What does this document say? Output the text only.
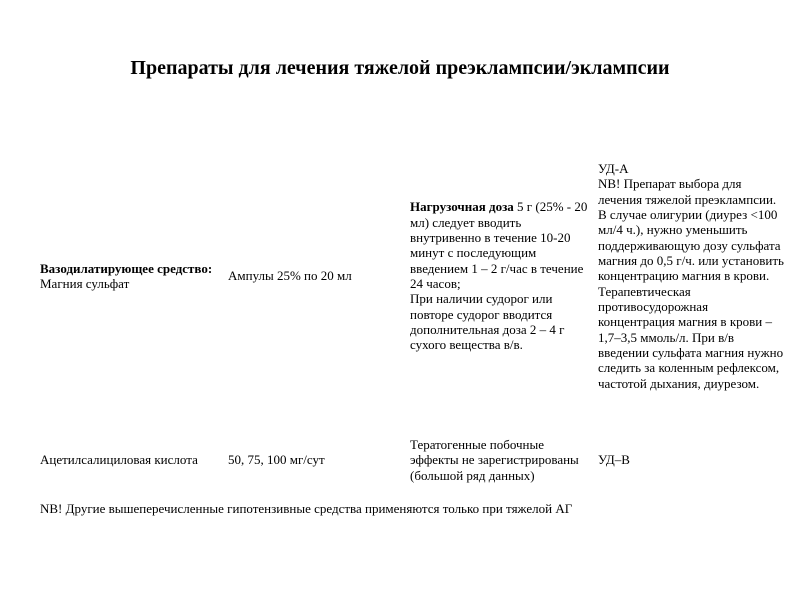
Препараты для лечения тяжелой преэклампсии/эклампсии

Вазодилатирующее средство:

Магния сульфат

Ампулы 25% по 20 мл

Нагрузочная доза 5 г (25% - 20 мл) следует вводить внутривенно в течение 10-20 минут с последующим введением 1 – 2 г/час в течение 24 часов;

При наличии судорог или повторе судорог вводится дополнительная доза 2 – 4 г сухого вещества в/в.

УД-А

NB! Препарат выбора для лечения тяжелой преэклампсии.

В случае олигурии (диурез <100 мл/4 ч.), нужно уменьшить поддерживающую дозу сульфата магния до 0,5 г/ч. или установить концентрацию магния в крови. Терапевтическая противосудорожная концентрация магния в крови – 1,7–3,5 ммоль/л. При в/в введении сульфата магния нужно следить за коленным рефлексом, частотой дыхания, диурезом.

Ацетилсалициловая кислота	50, 75, 100 мг/сут

Тератогенные побочные эффекты не зарегистрированы (большой ряд данных)

УД–В

NB! Другие вышеперечисленные гипотензивные средства применяются только при тяжелой АГ
